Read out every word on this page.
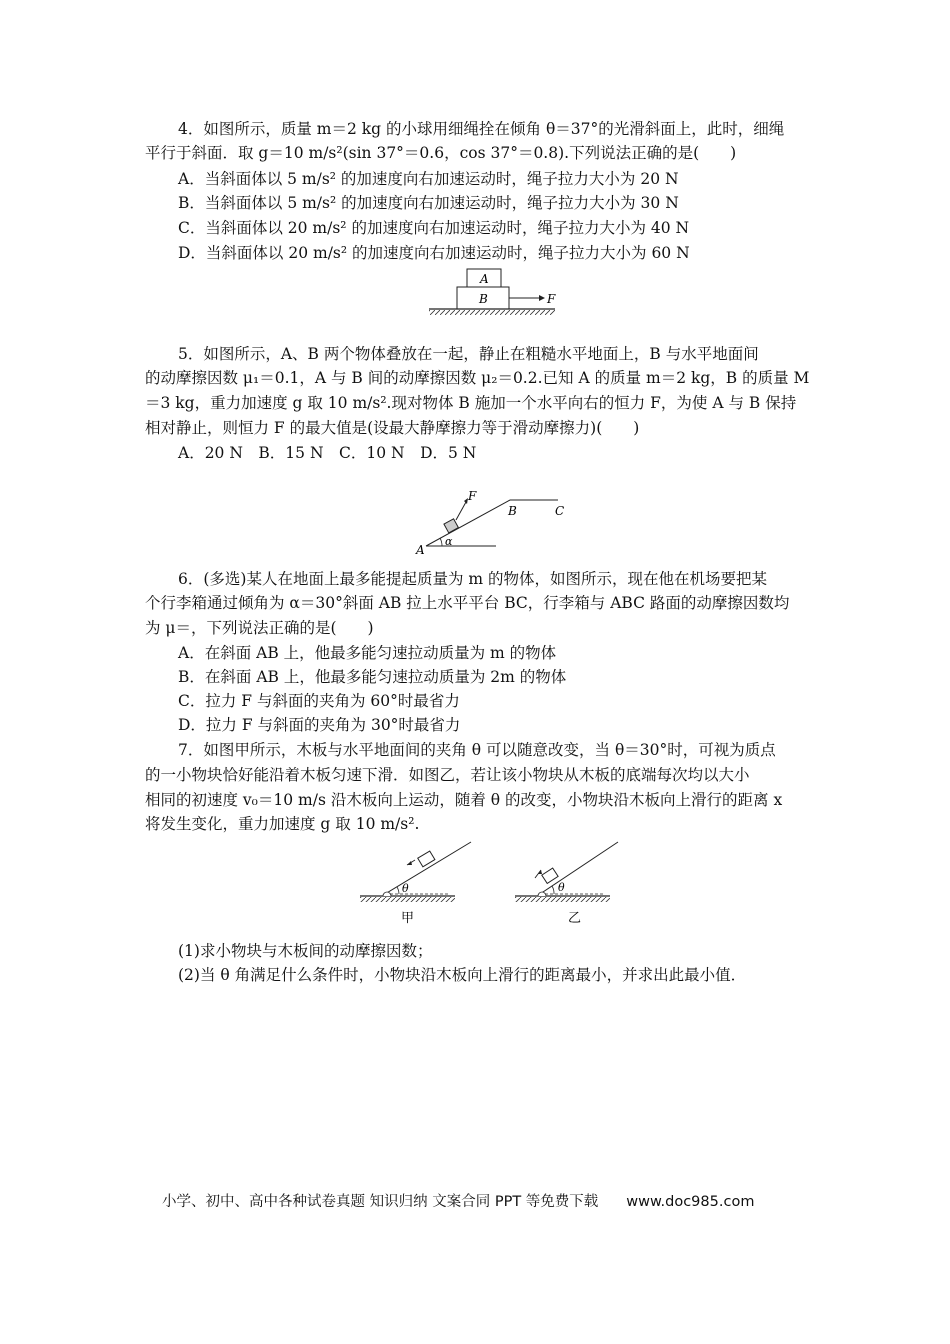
4．如图所示，质量 m＝2 kg 的小球用细绳拴在倾角 θ＝37°的光滑斜面上，此时，细绳
平行于斜面．取 g＝10 m/s²(sin 37°＝0.6，cos 37°＝0.8).下列说法正确的是(　　)
A．当斜面体以 5 m/s² 的加速度向右加速运动时，绳子拉力大小为 20 N
B．当斜面体以 5 m/s² 的加速度向右加速运动时，绳子拉力大小为 30 N
C．当斜面体以 20 m/s² 的加速度向右加速运动时，绳子拉力大小为 40 N
D．当斜面体以 20 m/s² 的加速度向右加速运动时，绳子拉力大小为 60 N
A
B	F
5．如图所示，A、B 两个物体叠放在一起，静止在粗糙水平地面上，B 与水平地面间
的动摩擦因数 μ₁＝0.1，A 与 B 间的动摩擦因数 μ₂＝0.2.已知 A 的质量 m＝2 kg，B 的质量 M
＝3 kg，重力加速度 g 取 10 m/s².现对物体 B 施加一个水平向右的恒力 F，为使 A 与 B 保持
相对静止，则恒力 F 的最大值是(设最大静摩擦力等于滑动摩擦力)(　　)
A．20 N　B．15 N　C．10 N　D．5 N
F
A
α
B	C
6．(多选)某人在地面上最多能提起质量为 m 的物体，如图所示，现在他在机场要把某
个行李箱通过倾角为 α＝30°斜面 AB 拉上水平平台 BC，行李箱与 ABC 路面的动摩擦因数均
为 μ＝，下列说法正确的是(　　)
A．在斜面 AB 上，他最多能匀速拉动质量为 m 的物体
B．在斜面 AB 上，他最多能匀速拉动质量为 2m 的物体
C．拉力 F 与斜面的夹角为 60°时最省力
D．拉力 F 与斜面的夹角为 30°时最省力
7．如图甲所示，木板与水平地面间的夹角 θ 可以随意改变，当 θ＝30°时，可视为质点
的一小物块恰好能沿着木板匀速下滑．如图乙，若让该小物块从木板的底端每次均以大小
相同的初速度 v₀＝10 m/s 沿木板向上运动，随着 θ 的改变，小物块沿木板向上滑行的距离 x
将发生变化，重力加速度 g 取 10 m/s².
θ
甲
θ
乙
(1)求小物块与木板间的动摩擦因数；
(2)当 θ 角满足什么条件时，小物块沿木板向上滑行的距离最小，并求出此最小值．
小学、初中、高中各种试卷真题 知识归纳 文案合同 PPT 等免费下载 www.doc985.com
